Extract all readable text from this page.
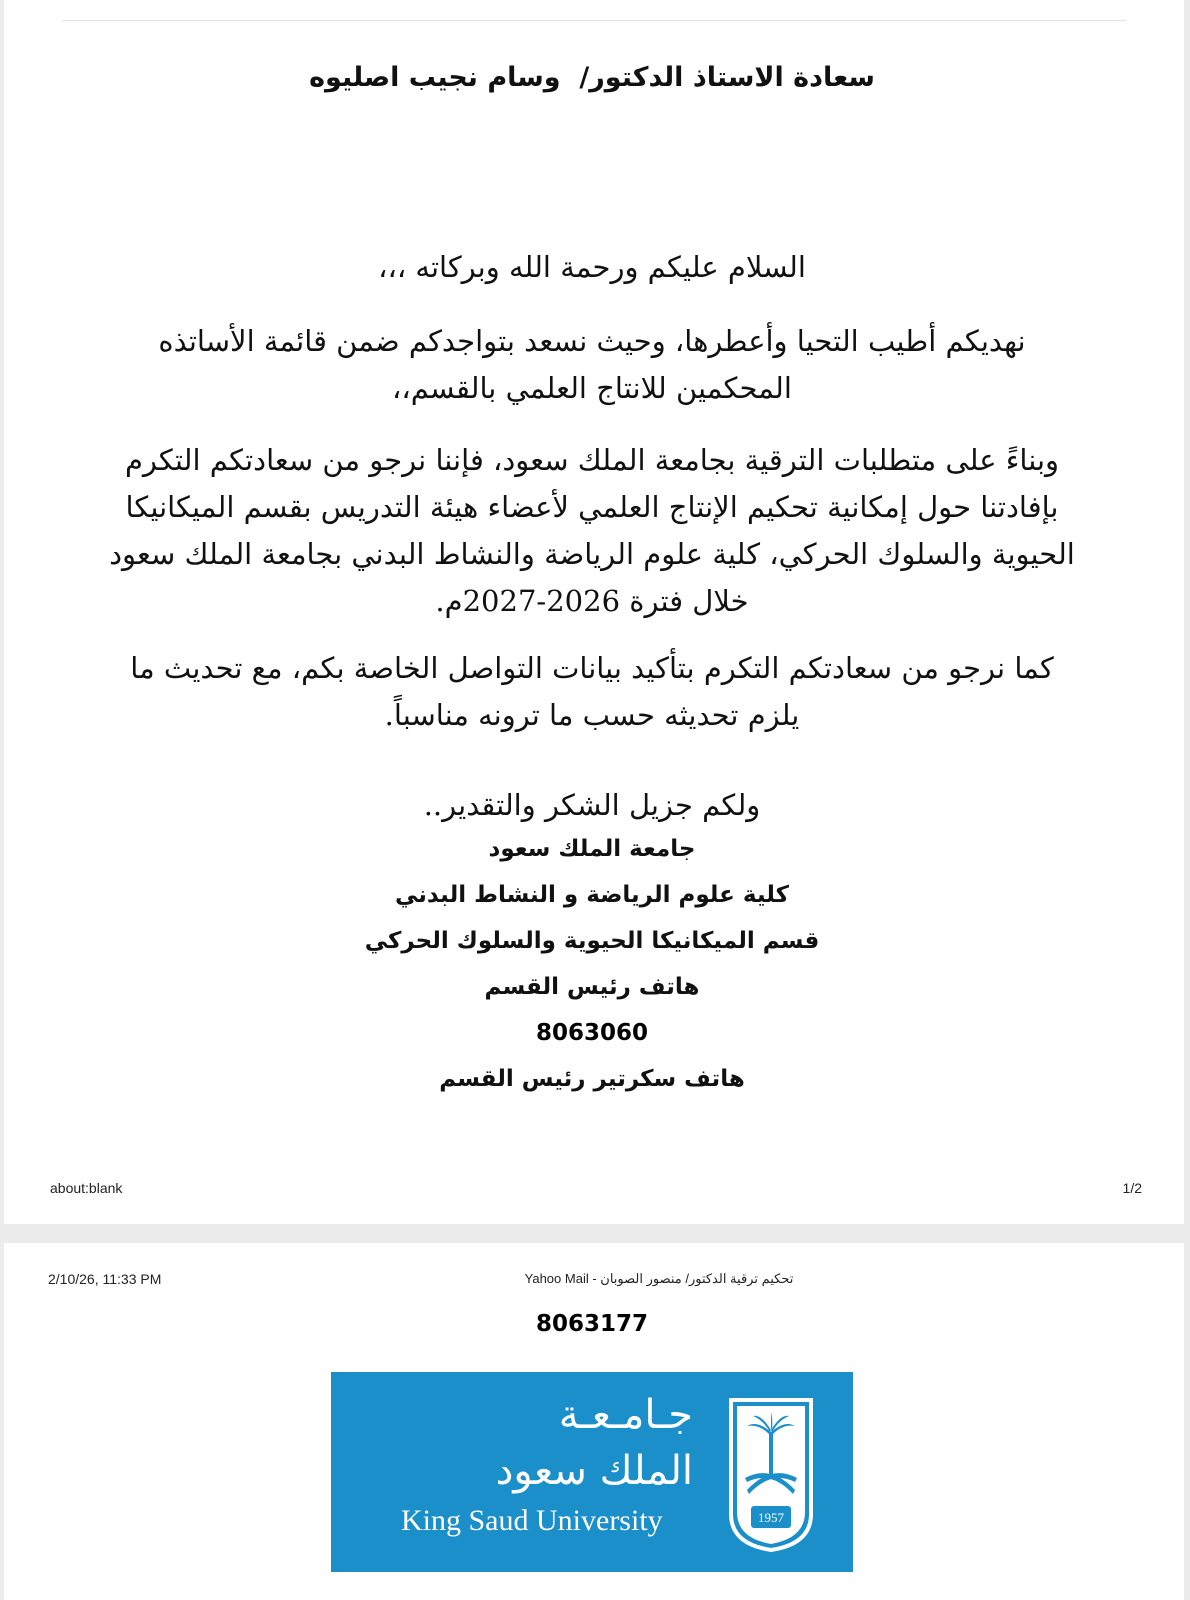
سعادة الاستاذ الدكتور/  وسام نجيب اصليوه
السلام عليكم ورحمة الله وبركاته ،،،
نهديكم أطيب التحيا وأعطرها، وحيث نسعد بتواجدكم ضمن قائمة الأساتذه
المحكمين للانتاج العلمي بالقسم،،
وبناءً على متطلبات الترقية بجامعة الملك سعود، فإننا نرجو من سعادتكم التكرم
بإفادتنا حول إمكانية تحكيم الإنتاج العلمي لأعضاء هيئة التدريس بقسم الميكانيكا
الحيوية والسلوك الحركي، كلية علوم الرياضة والنشاط البدني بجامعة الملك سعود
خلال فترة 2026-2027م.
كما نرجو من سعادتكم التكرم بتأكيد بيانات التواصل الخاصة بكم، مع تحديث ما
يلزم تحديثه حسب ما ترونه مناسباً.
ولكم جزيل الشكر والتقدير..
جامعة الملك سعود
كلية علوم الرياضة و النشاط البدني
قسم الميكانيكا الحيوية والسلوك الحركي
هاتف رئيس القسم
8063060
هاتف سكرتير رئيس القسم
about:blank	1/2
2/10/26, 11:33 PM	تحكيم ترقية الدكتور/ منصور الصوبان - Yahoo Mail
8063177
جـامـعـة
الملك سعود
King Saud University	1957
